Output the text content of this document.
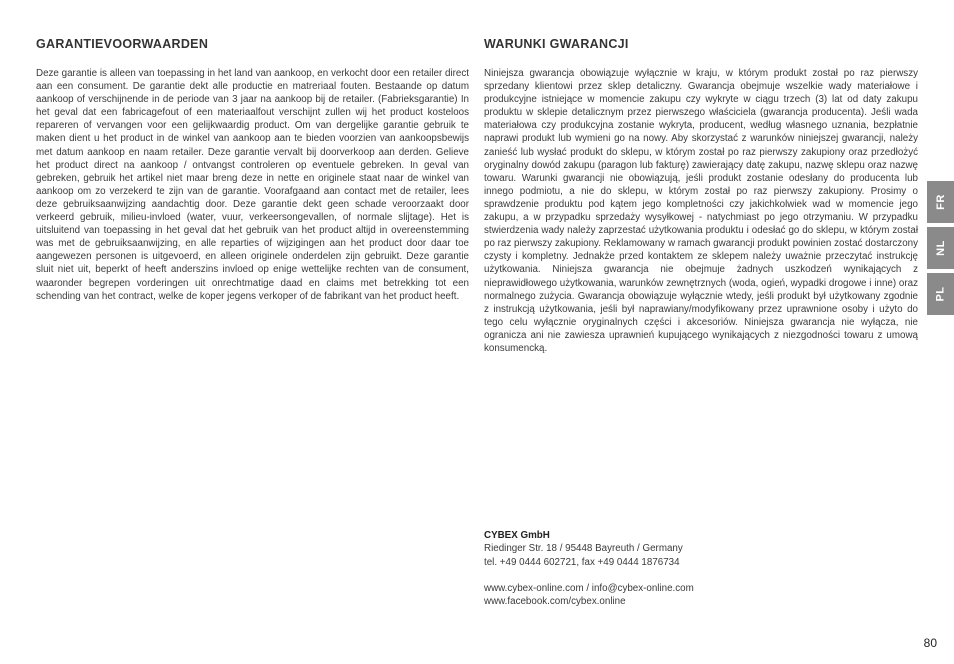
GARANTIEVOORWAARDEN

Deze garantie is alleen van toepassing in het land van aankoop, en verkocht door een retailer direct aan een consument. De garantie dekt alle productie en matreriaal fouten. Bestaande op datum aankoop of verschijnende in de periode van 3 jaar na aankoop bij de retailer. (Fabrieksgarantie) In het geval dat een fabricagefout of een materiaalfout verschijnt zullen wij het product kosteloos repareren of vervangen voor een gelijkwaardig product. Om van dergelijke garantie gebruik te maken dient u het product in de winkel van aankoop aan te bieden voorzien van aankoopsbewijs met datum aankoop en naam retailer. Deze garantie vervalt bij doorverkoop aan derden. Gelieve het product direct na aankoop / ontvangst controleren op eventuele gebreken. In geval van gebreken, gebruik het artikel niet maar breng deze in nette en originele staat naar de winkel van aankoop om zo verzekerd te zijn van de garantie. Voorafgaand aan contact met de retailer, lees deze gebruiksaanwijzing aandachtig door. Deze garantie dekt geen schade veroorzaakt door verkeerd gebruik, milieu-invloed (water, vuur, verkeersongevallen, of normale slijtage). Het is uitsluitend van toepassing in het geval dat het gebruik van het product altijd in overeenstemming was met de gebruiksaanwijzing, en alle reparties of wijzigingen aan het product door daar toe aangewezen personen is uitgevoerd, en alleen originele onderdelen zijn gebruikt. Deze garantie sluit niet uit, beperkt of heeft anderszins invloed op enige wettelijke rechten van de consument, waaronder begrepen vorderingen uit onrechtmatige daad en claims met betrekking tot een schending van het contract, welke de koper jegens verkoper of de fabrikant van het product heeft.

WARUNKI GWARANCJI

Niniejsza gwarancja obowiązuje wyłącznie w kraju, w którym produkt został po raz pierwszy sprzedany klientowi przez sklep detaliczny. Gwarancja obejmuje wszelkie wady materiałowe i produkcyjne istniejące w momencie zakupu czy wykryte w ciągu trzech (3) lat od daty zakupu produktu w sklepie detalicznym przez pierwszego właściciela (gwarancja producenta). Jeśli wada materiałowa czy produkcyjna zostanie wykryta, producent, według własnego uznania, bezpłatnie naprawi produkt lub wymieni go na nowy. Aby skorzystać z warunków niniejszej gwarancji, należy zanieść lub wysłać produkt do sklepu, w którym został po raz pierwszy zakupiony oraz przedłożyć oryginalny dowód zakupu (paragon lub fakturę) zawierający datę zakupu, nazwę sklepu oraz nazwę towaru. Warunki gwarancji nie obowiązują, jeśli produkt zostanie odesłany do producenta lub innego podmiotu, a nie do sklepu, w którym został po raz pierwszy zakupiony. Prosimy o sprawdzenie produktu pod kątem jego kompletności czy jakichkolwiek wad w momencie jego zakupu, a w przypadku sprzedaży wysyłkowej - natychmiast po jego otrzymaniu. W przypadku stwierdzenia wady należy zaprzestać użytkowania produktu i odesłać go do sklepu, w którym został po raz pierwszy zakupiony. Reklamowany w ramach gwarancji produkt powinien zostać dostarczony czysty i kompletny. Jednakże przed kontaktem ze sklepem należy uważnie przeczytać instrukcję użytkowania. Niniejsza gwarancja nie obejmuje żadnych uszkodzeń wynikających z nieprawidłowego użytkowania, warunków zewnętrznych (woda, ogień, wypadki drogowe i inne) oraz normalnego zużycia. Gwarancja obowiązuje wyłącznie wtedy, jeśli produkt był użytkowany zgodnie z instrukcją użytkowania, jeśli był naprawiany/modyfikowany przez uprawnione osoby i użyto do tego celu wyłącznie oryginalnych części i akcesoriów. Niniejsza gwarancja nie wyłącza, nie ogranicza ani nie zawiesza uprawnień kupującego wynikających z niezgodności towaru z umową konsumencką.

CYBEX GmbH
Riedinger Str. 18 / 95448 Bayreuth / Germany
tel. +49 0444 602721, fax +49 0444 1876734
www.cybex-online.com / info@cybex-online.com
www.facebook.com/cybex.online
FR
NL
PL
80
